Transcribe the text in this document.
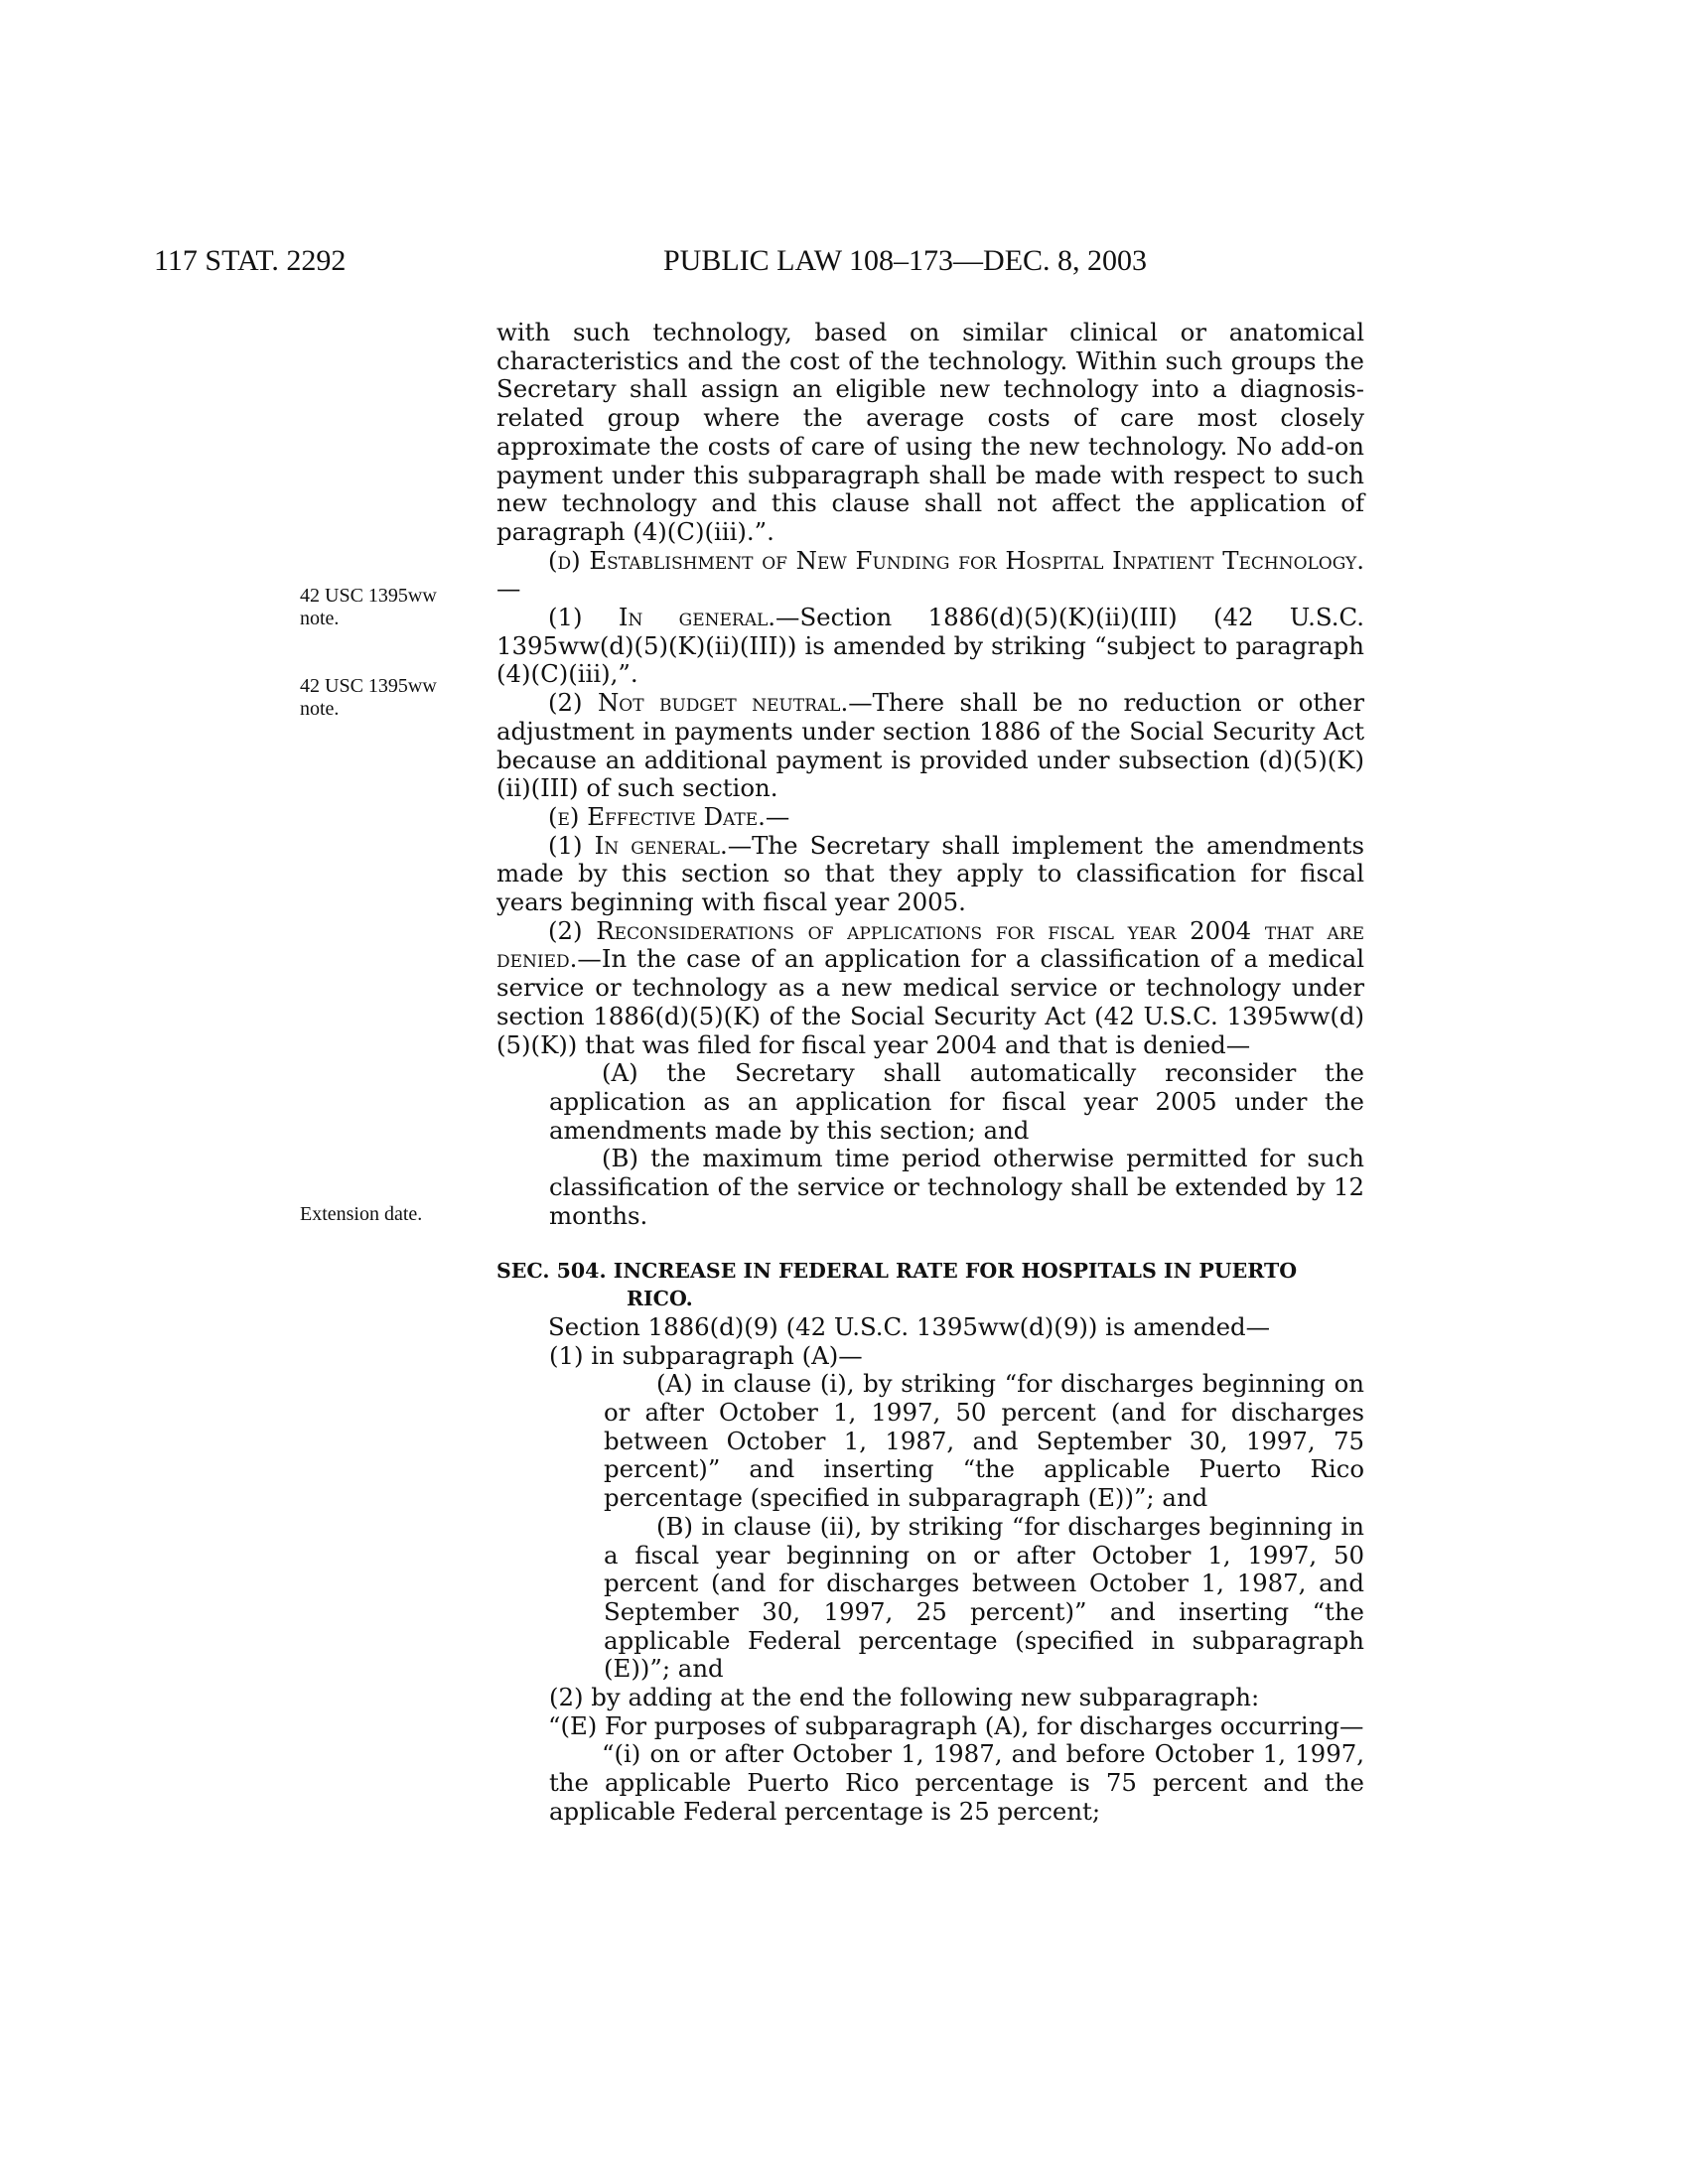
117 STAT. 2292	PUBLIC LAW 108–173—DEC. 8, 2003
42 USC 1395ww note.
42 USC 1395ww note.
Extension date.

with such technology, based on similar clinical or anatomical characteristics and the cost of the technology. Within such groups the Secretary shall assign an eligible new technology into a diagnosis-related group where the average costs of care most closely approximate the costs of care of using the new technology. No add-on payment under this subparagraph shall be made with respect to such new technology and this clause shall not affect the application of paragraph (4)(C)(iii).”.

(d) Establishment of New Funding for Hospital Inpatient Technology.—

(1) In general.—Section 1886(d)(5)(K)(ii)(III) (42 U.S.C. 1395ww(d)(5)(K)(ii)(III)) is amended by striking “subject to paragraph (4)(C)(iii),”.

(2) Not budget neutral.—There shall be no reduction or other adjustment in payments under section 1886 of the Social Security Act because an additional payment is provided under subsection (d)(5)(K)(ii)(III) of such section.

(e) Effective Date.—

(1) In general.—The Secretary shall implement the amendments made by this section so that they apply to classification for fiscal years beginning with fiscal year 2005.

(2) Reconsiderations of applications for fiscal year 2004 that are denied.—In the case of an application for a classification of a medical service or technology as a new medical service or technology under section 1886(d)(5)(K) of the Social Security Act (42 U.S.C. 1395ww(d)(5)(K)) that was filed for fiscal year 2004 and that is denied—

(A) the Secretary shall automatically reconsider the application as an application for fiscal year 2005 under the amendments made by this section; and

(B) the maximum time period otherwise permitted for such classification of the service or technology shall be extended by 12 months.

SEC. 504. INCREASE IN FEDERAL RATE FOR HOSPITALS IN PUERTO
RICO.

Section 1886(d)(9) (42 U.S.C. 1395ww(d)(9)) is amended—

(1) in subparagraph (A)—

(A) in clause (i), by striking “for discharges beginning on or after October 1, 1997, 50 percent (and for discharges between October 1, 1987, and September 30, 1997, 75 percent)” and inserting “the applicable Puerto Rico percentage (specified in subparagraph (E))”; and

(B) in clause (ii), by striking “for discharges beginning in a fiscal year beginning on or after October 1, 1997, 50 percent (and for discharges between October 1, 1987, and September 30, 1997, 25 percent)” and inserting “the applicable Federal percentage (specified in subparagraph (E))”; and

(2) by adding at the end the following new subparagraph:

“(E) For purposes of subparagraph (A), for discharges occurring—

“(i) on or after October 1, 1987, and before October 1, 1997, the applicable Puerto Rico percentage is 75 percent and the applicable Federal percentage is 25 percent;
